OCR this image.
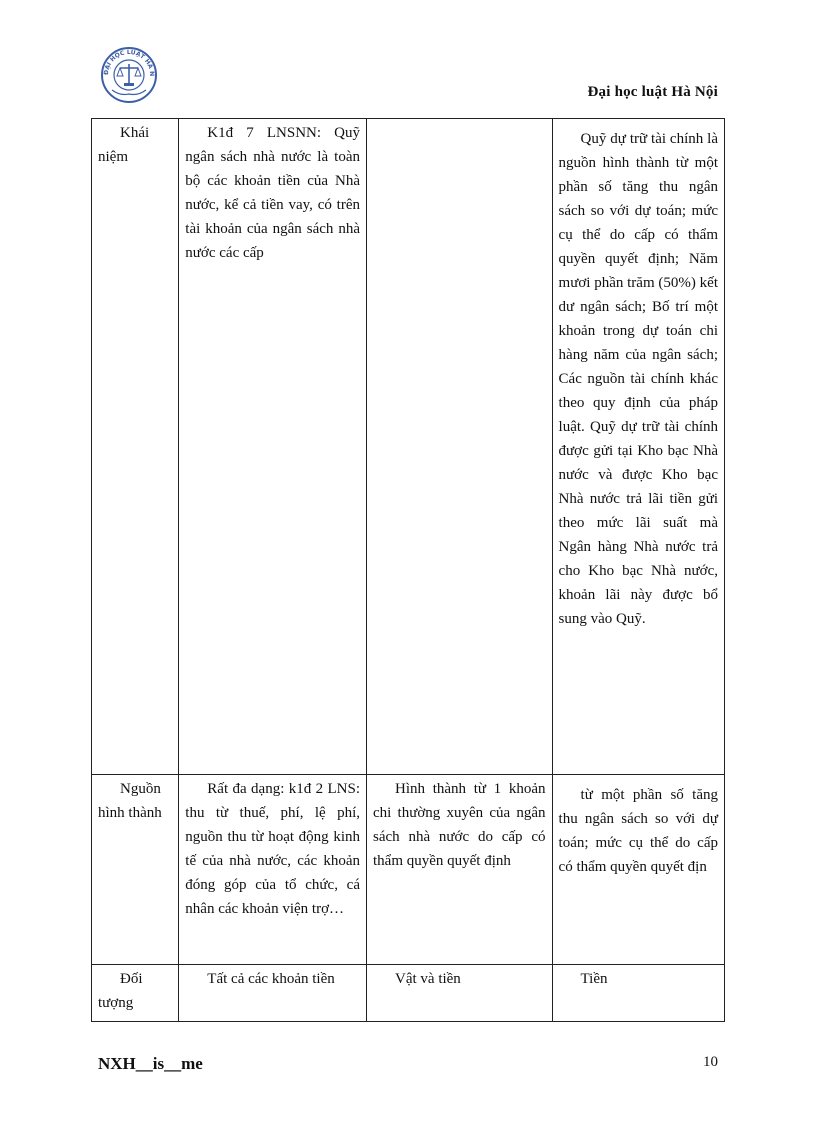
ĐẠI HỌC LUẬT HÀ N
Đại học luật Hà Nội
Khái niệm	K1đ 7 LNSNN: Quỹ ngân sách nhà nước là toàn bộ các khoản tiền của Nhà nước, kể cả tiền vay, có trên tài khoản của ngân sách nhà nước các cấp		Quỹ dự trữ tài chính là nguồn hình thành từ một phần số tăng thu ngân sách so với dự toán; mức cụ thể do cấp có thẩm quyền quyết định; Năm mươi phần trăm (50%) kết dư ngân sách; Bố trí một khoản trong dự toán chi hàng năm của ngân sách; Các nguồn tài chính khác theo quy định của pháp luật. Quỹ dự trữ tài chính được gửi tại Kho bạc Nhà nước và được Kho bạc Nhà nước trả lãi tiền gửi theo mức lãi suất mà Ngân hàng Nhà nước trả cho Kho bạc Nhà nước, khoản lãi này được bổ sung vào Quỹ.
Nguồn hình thành	Rất đa dạng: k1đ 2 LNS: thu từ thuế, phí, lệ phí, nguồn thu từ hoạt động kinh tế của nhà nước, các khoản đóng góp của tổ chức, cá nhân các khoản viện trợ…	Hình thành từ 1 khoản chi thường xuyên của ngân sách nhà nước do cấp có thẩm quyền quyết định	từ một phần số tăng thu ngân sách so với dự toán; mức cụ thể do cấp có thẩm quyền quyết địn
Đối tượng	Tất cả các khoản tiền	Vật và tiền	Tiền
NXH__is__me	10
